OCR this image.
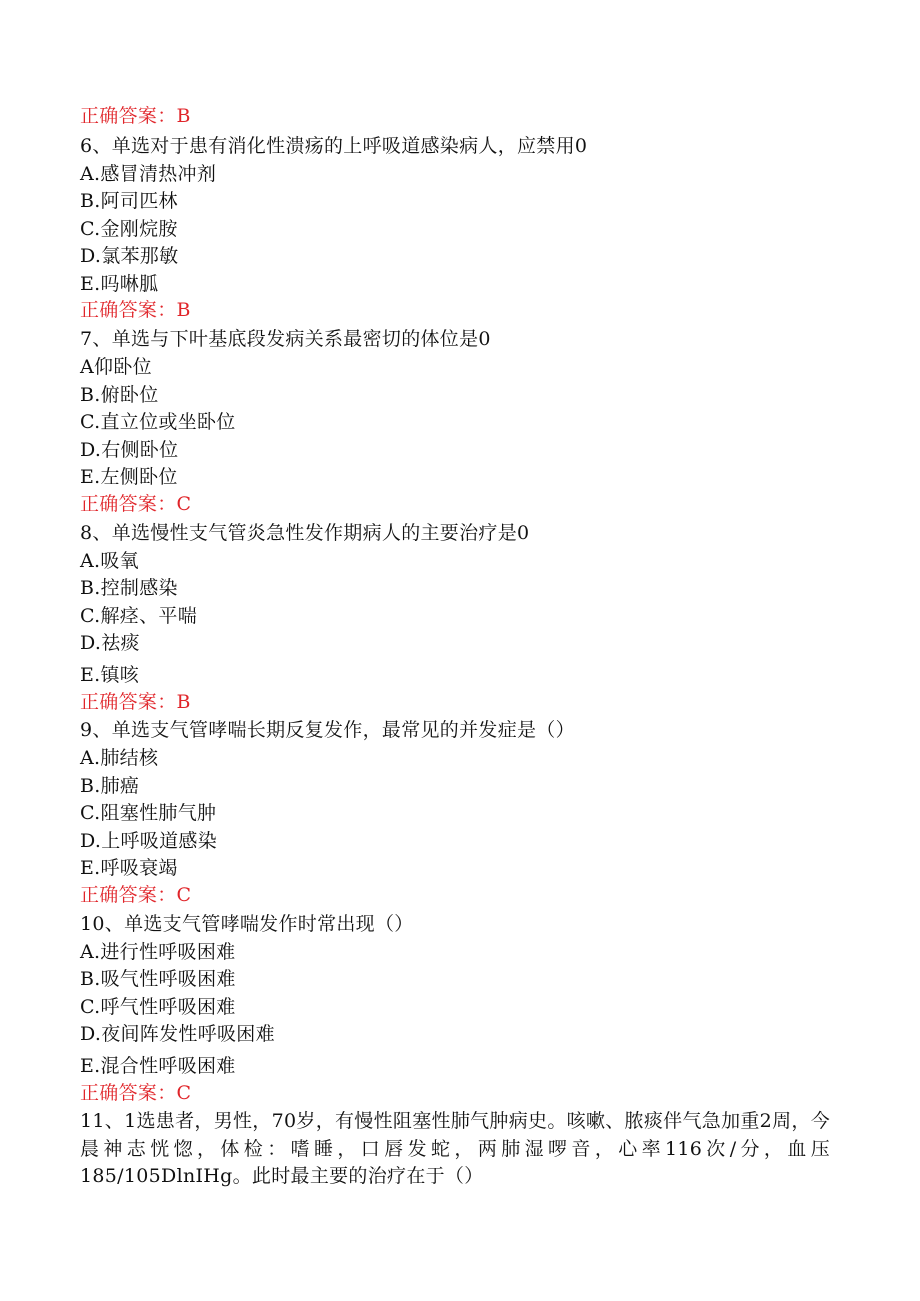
正确答案：B
6、单选对于患有消化性溃疡的上呼吸道感染病人，应禁用0
A.感冒清热冲剂
B.阿司匹林
C.金刚烷胺
D.氯苯那敏
E.吗啉胍
正确答案：B
7、单选与下叶基底段发病关系最密切的体位是0
A仰卧位
B.俯卧位
C.直立位或坐卧位
D.右侧卧位
E.左侧卧位
正确答案：C
8、单选慢性支气管炎急性发作期病人的主要治疗是0
A.吸氧
B.控制感染
C.解痉、平喘
D.祛痰
E.镇咳
正确答案：B
9、单选支气管哮喘长期反复发作，最常见的并发症是（）
A.肺结核
B.肺癌
C.阻塞性肺气肿
D.上呼吸道感染
E.呼吸衰竭
正确答案：C
10、单选支气管哮喘发作时常出现（）
A.进行性呼吸困难
B.吸气性呼吸困难
C.呼气性呼吸困难
D.夜间阵发性呼吸困难
E.混合性呼吸困难
正确答案：C
11、1选患者，男性，70岁，有慢性阻塞性肺气肿病史。咳嗽、脓痰伴气急加重2周，今晨神志恍惚，体检：嗜睡，口唇发蛇，两肺湿啰音，心率116次/分，血压185/105DlnIHg。此时最主要的治疗在于（）
